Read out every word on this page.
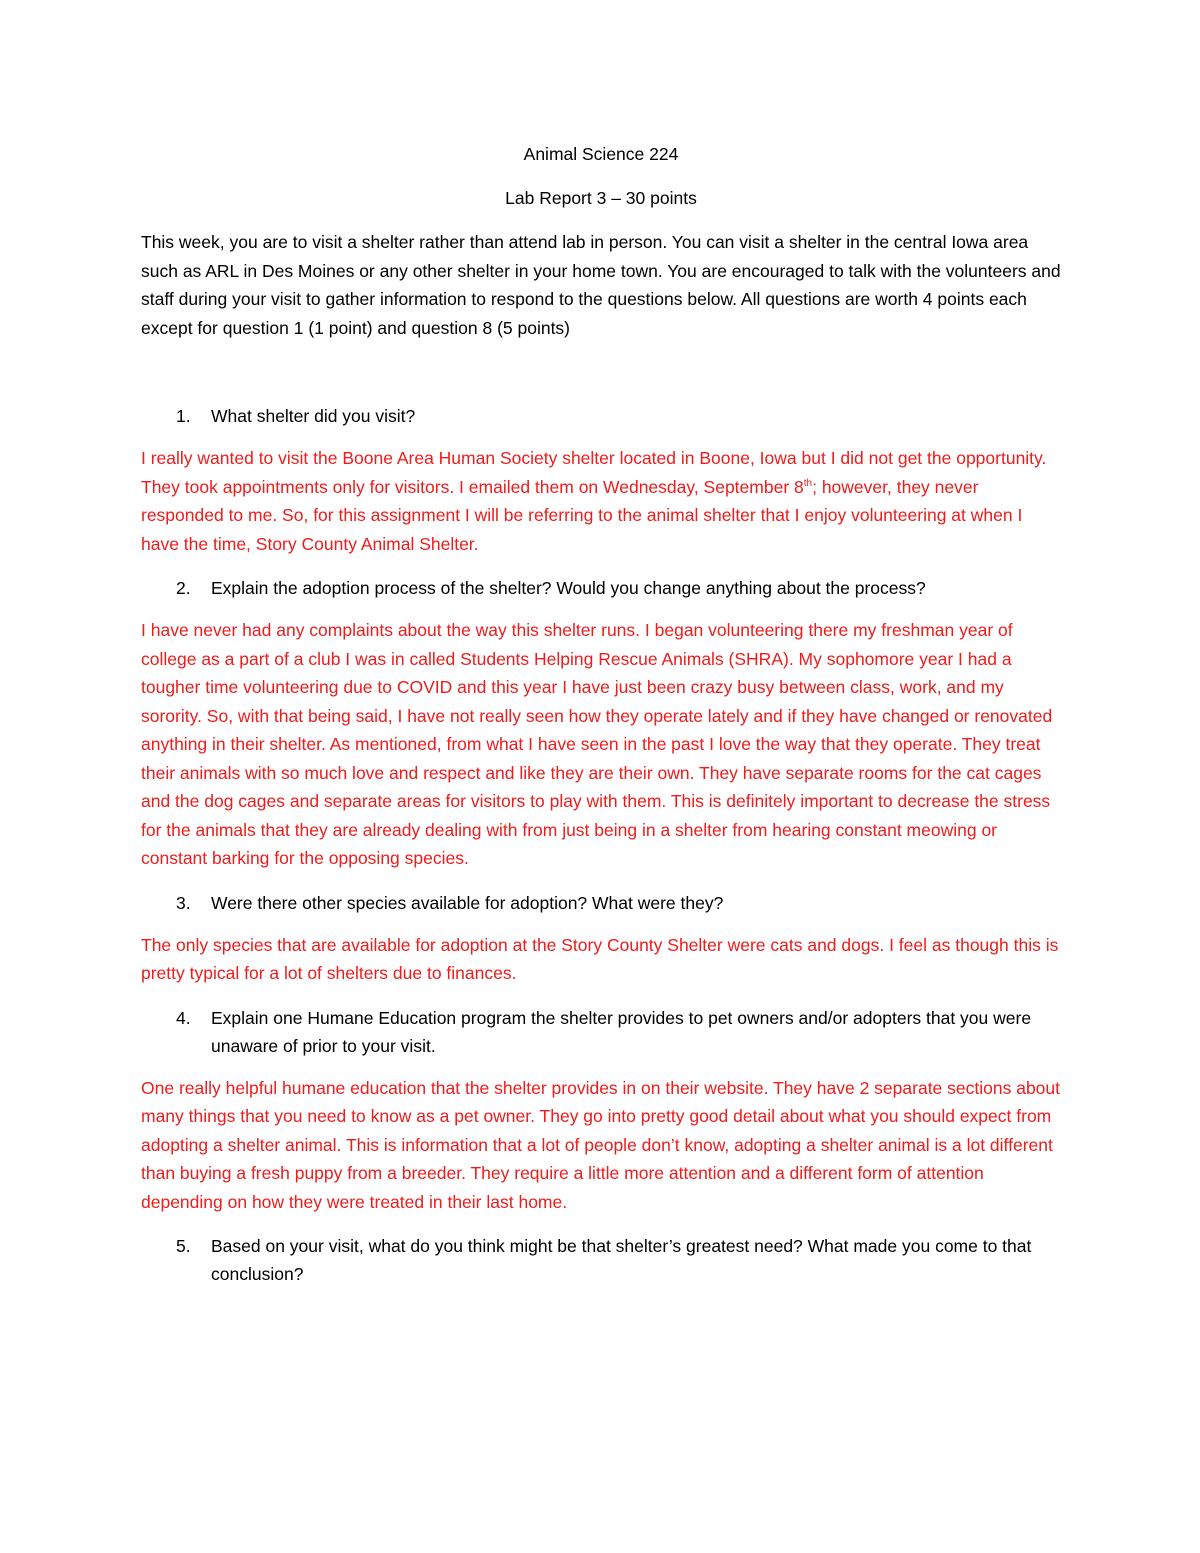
Animal Science 224

Lab Report 3 – 30 points

This week, you are to visit a shelter rather than attend lab in person. You can visit a shelter in the central Iowa area such as ARL in Des Moines or any other shelter in your home town. You are encouraged to talk with the volunteers and staff during your visit to gather information to respond to the questions below. All questions are worth 4 points each except for question 1 (1 point) and question 8 (5 points)

1. What shelter did you visit?

I really wanted to visit the Boone Area Human Society shelter located in Boone, Iowa but I did not get the opportunity. They took appointments only for visitors. I emailed them on Wednesday, September 8th; however, they never responded to me. So, for this assignment I will be referring to the animal shelter that I enjoy volunteering at when I have the time, Story County Animal Shelter.

2. Explain the adoption process of the shelter? Would you change anything about the process?

I have never had any complaints about the way this shelter runs. I began volunteering there my freshman year of college as a part of a club I was in called Students Helping Rescue Animals (SHRA). My sophomore year I had a tougher time volunteering due to COVID and this year I have just been crazy busy between class, work, and my sorority. So, with that being said, I have not really seen how they operate lately and if they have changed or renovated anything in their shelter. As mentioned, from what I have seen in the past I love the way that they operate. They treat their animals with so much love and respect and like they are their own. They have separate rooms for the cat cages and the dog cages and separate areas for visitors to play with them. This is definitely important to decrease the stress for the animals that they are already dealing with from just being in a shelter from hearing constant meowing or constant barking for the opposing species.

3. Were there other species available for adoption? What were they?

The only species that are available for adoption at the Story County Shelter were cats and dogs. I feel as though this is pretty typical for a lot of shelters due to finances.

4. Explain one Humane Education program the shelter provides to pet owners and/or adopters that you were unaware of prior to your visit.

One really helpful humane education that the shelter provides in on their website. They have 2 separate sections about many things that you need to know as a pet owner. They go into pretty good detail about what you should expect from adopting a shelter animal. This is information that a lot of people don’t know, adopting a shelter animal is a lot different than buying a fresh puppy from a breeder. They require a little more attention and a different form of attention depending on how they were treated in their last home.

5. Based on your visit, what do you think might be that shelter’s greatest need? What made you come to that conclusion?
